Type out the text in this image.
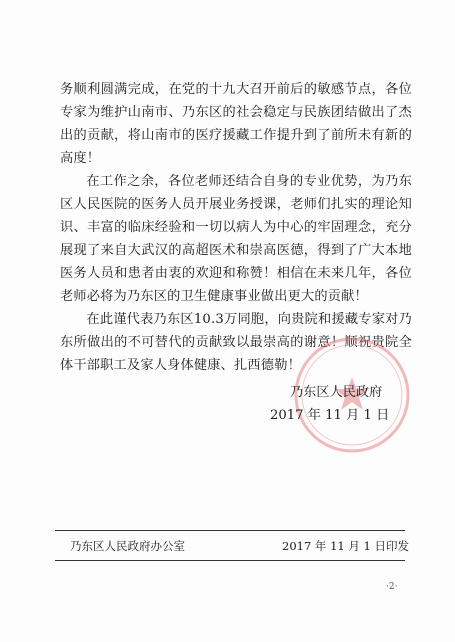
务顺利圆满完成，在党的十九大召开前后的敏感节点，各位专家为维护山南市、乃东区的社会稳定与民族团结做出了杰出的贡献，将山南市的医疗援藏工作提升到了前所未有新的高度！

在工作之余，各位老师还结合自身的专业优势，为乃东区人民医院的医务人员开展业务授课，老师们扎实的理论知识、丰富的临床经验和一切以病人为中心的牢固理念，充分展现了来自大武汉的高超医术和崇高医德，得到了广大本地医务人员和患者由衷的欢迎和称赞！相信在未来几年，各位老师必将为乃东区的卫生健康事业做出更大的贡献！

在此谨代表乃东区10.3万同胞，向贵院和援藏专家对乃东所做出的不可替代的贡献致以最崇高的谢意！顺祝贵院全体干部职工及家人身体健康、扎西德勒！

乃东区人民政府
2017 年 11 月 1 日
乃东区人民政府办公室	2017 年 11 月 1 日印发
·2·
